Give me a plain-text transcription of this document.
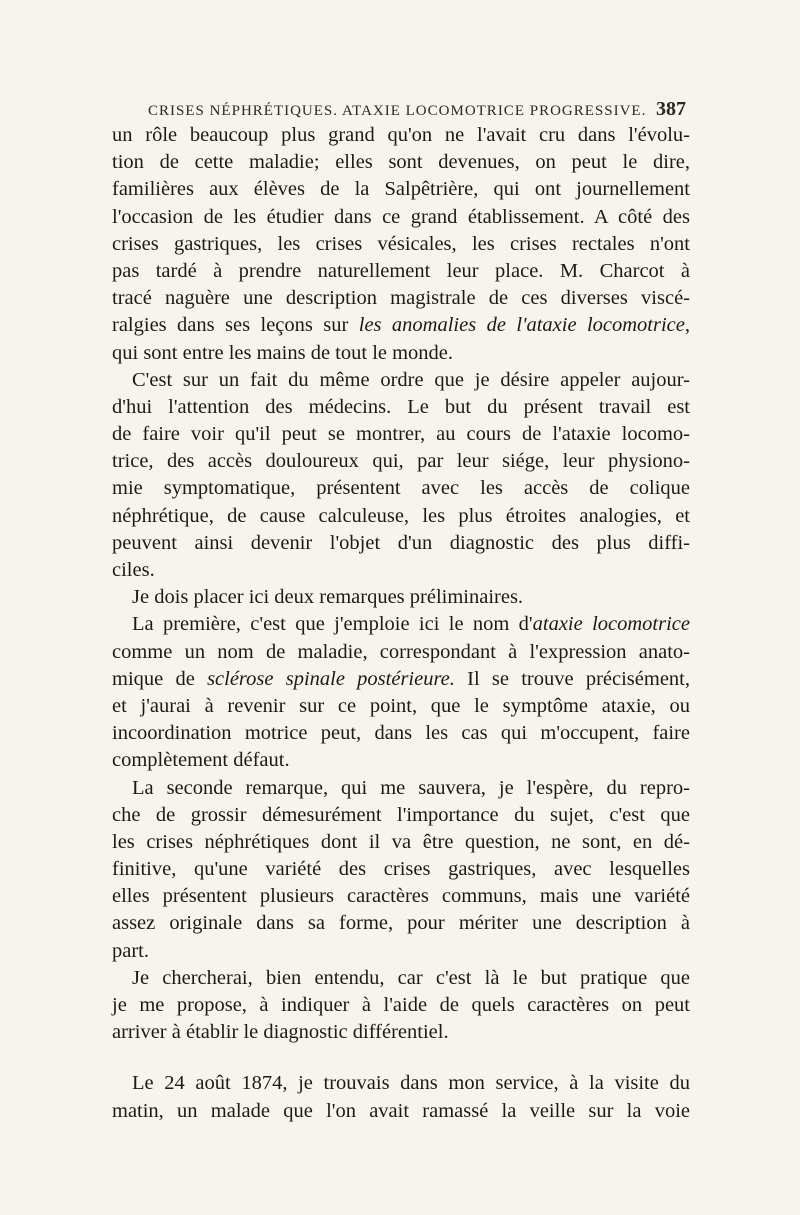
CRISES NÉPHRÉTIQUES. ATAXIE LOCOMOTRICE PROGRESSIVE. 387
un rôle beaucoup plus grand qu'on ne l'avait cru dans l'évolu-
tion de cette maladie; elles sont devenues, on peut le dire,
familières aux élèves de la Salpêtrière, qui ont journellement
l'occasion de les étudier dans ce grand établissement. A côté des
crises gastriques, les crises vésicales, les crises rectales n'ont
pas tardé à prendre naturellement leur place. M. Charcot à
tracé naguère une description magistrale de ces diverses viscé-
ralgies dans ses leçons sur les anomalies de l'ataxie locomotrice,
qui sont entre les mains de tout le monde.
C'est sur un fait du même ordre que je désire appeler aujour-
d'hui l'attention des médecins. Le but du présent travail est
de faire voir qu'il peut se montrer, au cours de l'ataxie locomo-
trice, des accès douloureux qui, par leur siége, leur physiono-
mie symptomatique, présentent avec les accès de colique
néphrétique, de cause calculeuse, les plus étroites analogies, et
peuvent ainsi devenir l'objet d'un diagnostic des plus diffi-
ciles.
Je dois placer ici deux remarques préliminaires.
La première, c'est que j'emploie ici le nom d'ataxie locomotrice
comme un nom de maladie, correspondant à l'expression anato-
mique de sclérose spinale postérieure. Il se trouve précisément,
et j'aurai à revenir sur ce point, que le symptôme ataxie, ou
incoordination motrice peut, dans les cas qui m'occupent, faire
complètement défaut.
La seconde remarque, qui me sauvera, je l'espère, du repro-
che de grossir démesurément l'importance du sujet, c'est que
les crises néphrétiques dont il va être question, ne sont, en dé-
finitive, qu'une variété des crises gastriques, avec lesquelles
elles présentent plusieurs caractères communs, mais une variété
assez originale dans sa forme, pour mériter une description à
part.
Je chercherai, bien entendu, car c'est là le but pratique que
je me propose, à indiquer à l'aide de quels caractères on peut
arriver à établir le diagnostic différentiel.
Le 24 août 1874, je trouvais dans mon service, à la visite du
matin, un malade que l'on avait ramassé la veille sur la voie
